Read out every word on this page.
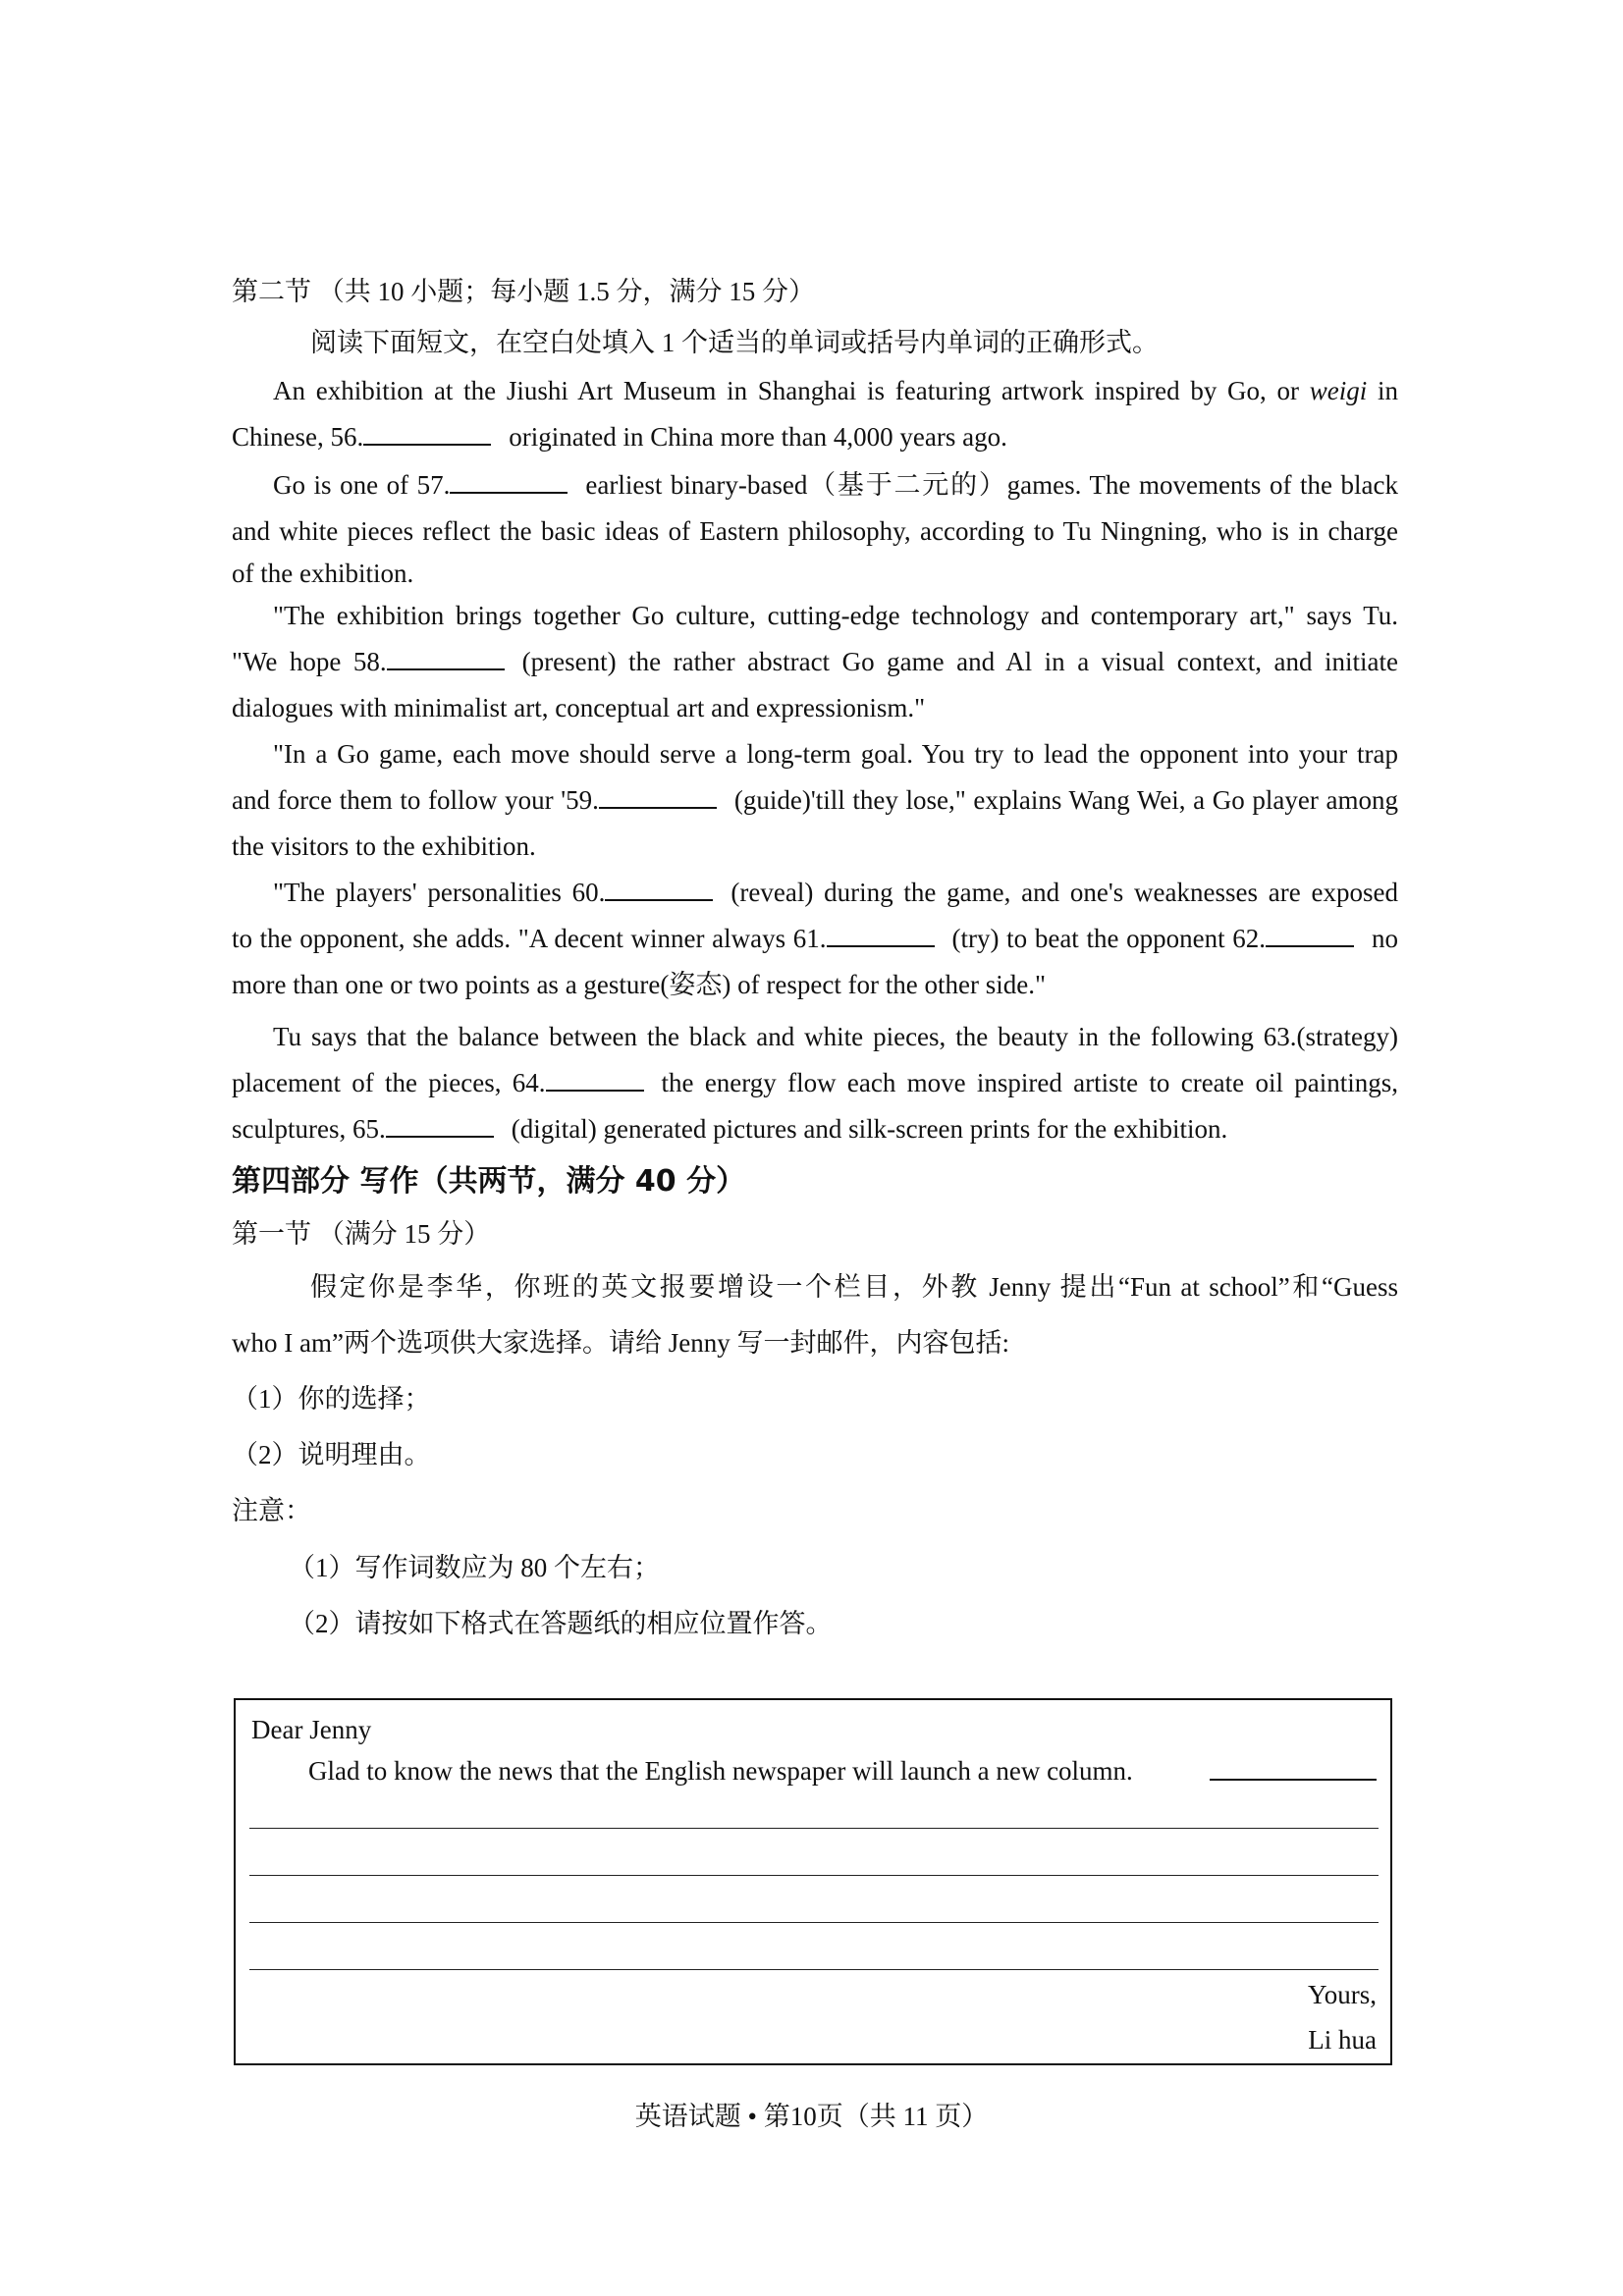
第二节 （共 10 小题；每小题 1.5 分，满分 15 分）
阅读下面短文，在空白处填入 1 个适当的单词或括号内单词的正确形式。
An exhibition at the Jiushi Art Museum in Shanghai is featuring artwork inspired by Go, or weigi in
Chinese, 56.	originated in China more than 4,000 years ago.
Go is one of 57.	earliest binary-based（基于二元的）games. The movements of the black
and white pieces reflect the basic ideas of Eastern philosophy, according to Tu Ningning, who is in charge
of the exhibition.
"The exhibition brings together Go culture, cutting-edge technology and contemporary art," says Tu.
"We hope 58.	(present) the rather abstract Go game and Al in a visual context, and initiate
dialogues with minimalist art, conceptual art and expressionism."
"In a Go game, each move should serve a long-term goal. You try to lead the opponent into your trap
and force them to follow your '59.	(guide)'till they lose," explains Wang Wei, a Go player among
the visitors to the exhibition.
"The players' personalities 60.	(reveal) during the game, and one's weaknesses are exposed
to the opponent, she adds. "A decent winner always 61.	(try) to beat the opponent 62.	no
more than one or two points as a gesture(姿态) of respect for the other side."
Tu says that the balance between the black and white pieces, the beauty in the following 63.(strategy)
placement of the pieces, 64.	the energy flow each move inspired artiste to create oil paintings,
sculptures, 65.	(digital) generated pictures and silk-screen prints for the exhibition.
第四部分 写作（共两节，满分 40 分）
第一节 （满分 15 分）
假定你是李华，你班的英文报要增设一个栏目，外教 Jenny 提出“Fun at school”和“Guess
who I am”两个选项供大家选择。请给 Jenny 写一封邮件，内容包括:
（1）你的选择；
（2）说明理由。
注意：
（1）写作词数应为 80 个左右；
（2）请按如下格式在答题纸的相应位置作答。
Dear Jenny
Glad to know the news that the English newspaper will launch a new column.
Yours,
Li hua
英语试题 • 第10页（共 11 页）
